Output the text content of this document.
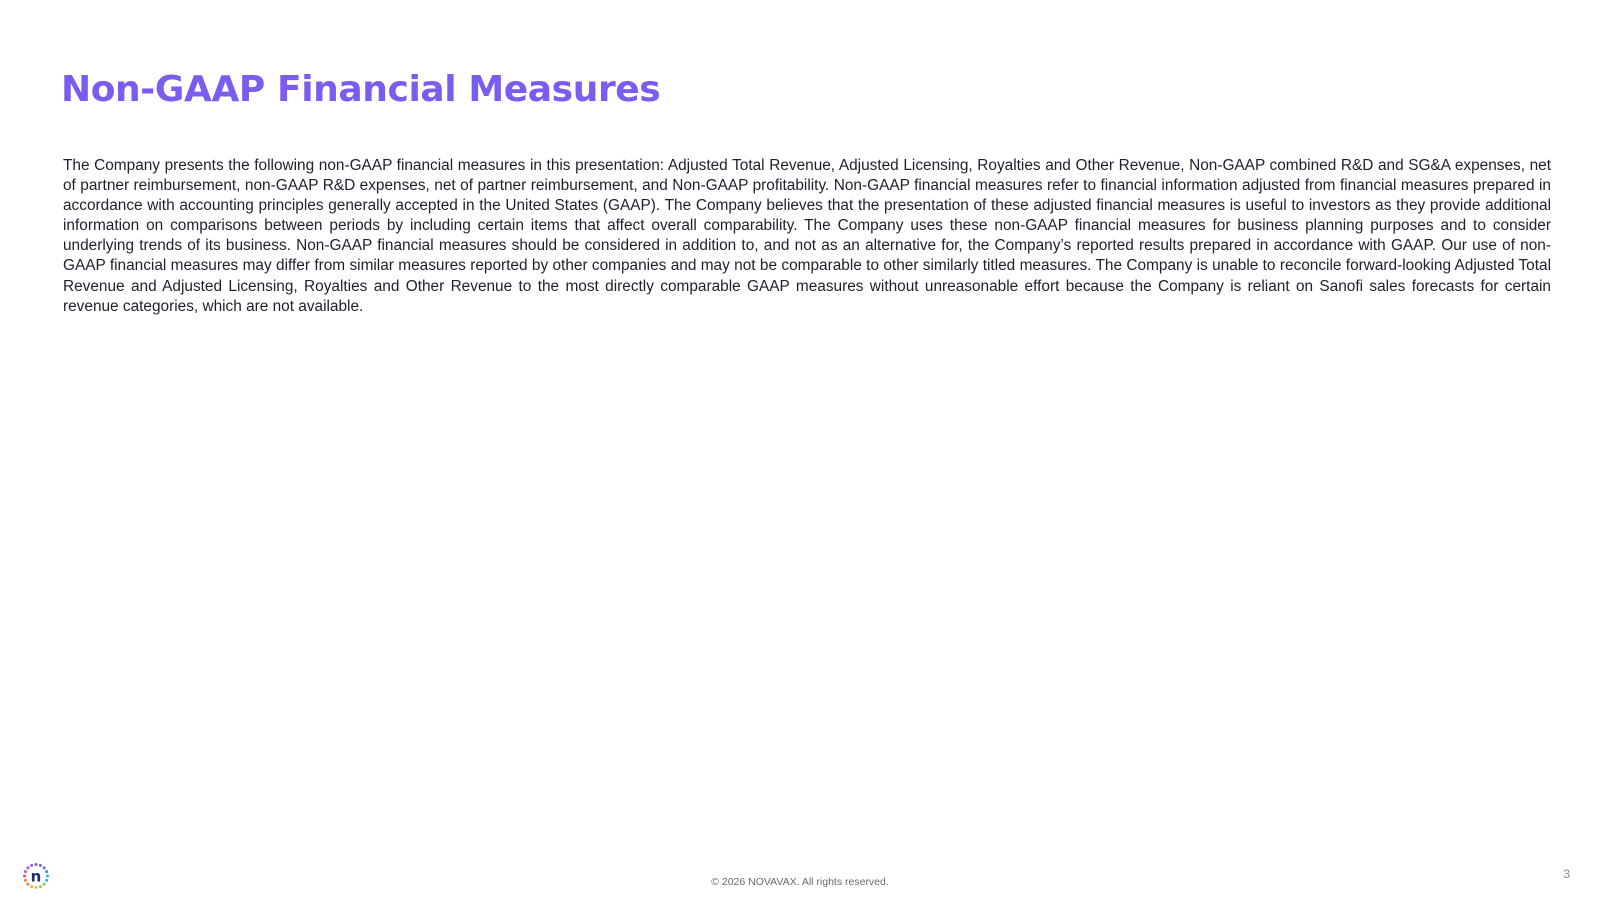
Non-GAAP Financial Measures

The Company presents the following non-GAAP financial measures in this presentation: Adjusted Total Revenue, Adjusted Licensing, Royalties and Other Revenue, Non-GAAP combined R&D and SG&A expenses, net of partner reimbursement, non-GAAP R&D expenses, net of partner reimbursement, and Non-GAAP profitability. Non-GAAP financial measures refer to financial information adjusted from financial measures prepared in accordance with accounting principles generally accepted in the United States (GAAP). The Company believes that the presentation of these adjusted financial measures is useful to investors as they provide additional information on comparisons between periods by including certain items that affect overall comparability. The Company uses these non-GAAP financial measures for business planning purposes and to consider underlying trends of its business. Non-GAAP financial measures should be considered in addition to, and not as an alternative for, the Company’s reported results prepared in accordance with GAAP. Our use of non-GAAP financial measures may differ from similar measures reported by other companies and may not be comparable to other similarly titled measures. The Company is unable to reconcile forward-looking Adjusted Total Revenue and Adjusted Licensing, Royalties and Other Revenue to the most directly comparable GAAP measures without unreasonable effort because the Company is reliant on Sanofi sales forecasts for certain revenue categories, which are not available.

n	© 2026 NOVAVAX. All rights reserved.

3
